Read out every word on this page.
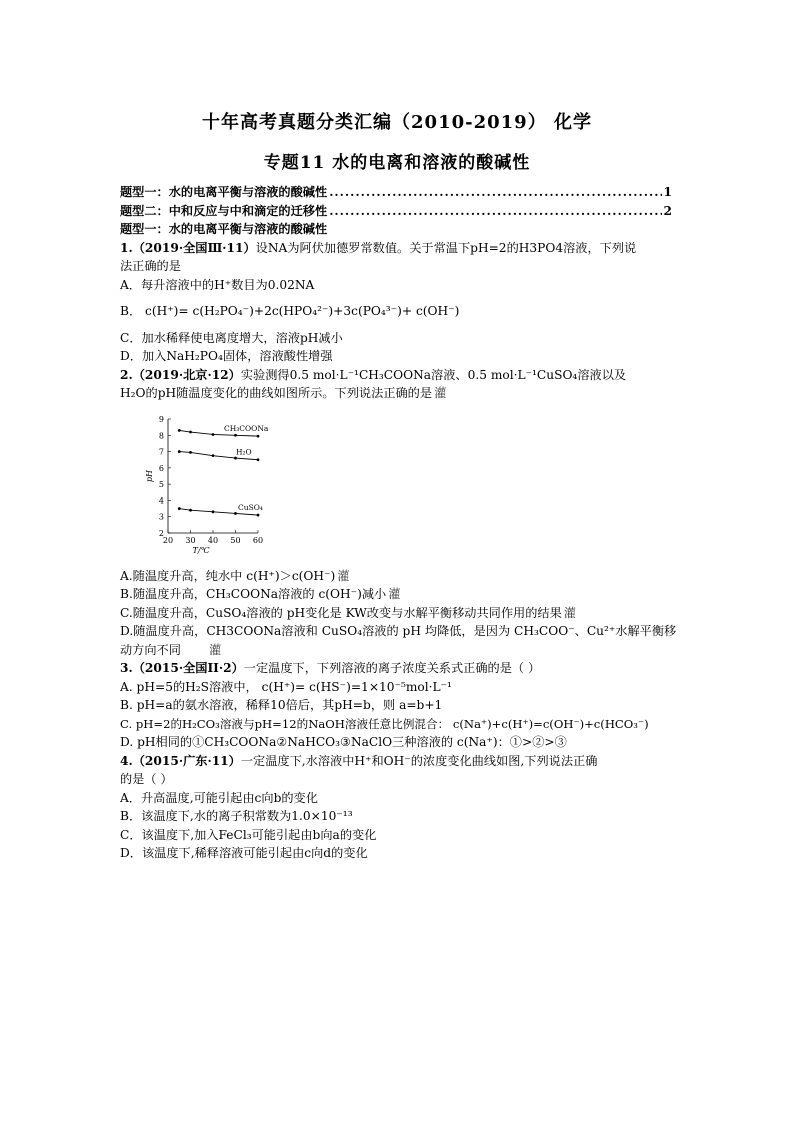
十年高考真题分类汇编（2010-2019） 化学
专题11 水的电离和溶液的酸碱性
题型一：水的电离平衡与溶液的酸碱性 .....	1
题型二：中和反应与中和滴定的迁移性 .....	2
题型一：水的电离平衡与溶液的酸碱性
1.（2019·全国Ⅲ·11）设NA为阿伏加德罗常数值。关于常温下pH=2的H3PO4溶液，下列说
法正确的是
A．每升溶液中的H⁺数目为0.02NA
B． c(H⁺)= c(H₂PO₄⁻)+2c(HPO₄²⁻)+3c(PO₄³⁻)+ c(OH⁻)
C．加水稀释使电离度增大，溶液pH减小
D．加入NaH₂PO₄固体，溶液酸性增强
2.（2019·北京·12）实验测得0.5 mol·L⁻¹CH₃COONa溶液、0.5 mol·L⁻¹CuSO₄溶液以及
H₂O的pH随温度变化的曲线如图所示。下列说法正确的是 灌
2
3
4
5
6
7
8
9
20 30 40 50 60
pH
T/℃
CH₃COONa
H₂O
CuSO₄
A.随温度升高，纯水中 c(H⁺)＞c(OH⁻) 灌
B.随温度升高，CH₃COONa溶液的 c(OH⁻)减小 灌
C.随温度升高，CuSO₄溶液的 pH变化是 KW改变与水解平衡移动共同作用的结果 灌
D.随温度升高，CH3COONa溶液和 CuSO₄溶液的 pH 均降低，是因为 CH₃COO⁻、Cu²⁺水解平衡移
动方向不同 灌
3.（2015·全国II·2）一定温度下，下列溶液的离子浓度关系式正确的是（ ）
A. pH=5的H₂S溶液中， c(H⁺)= c(HS⁻)=1×10⁻⁵mol·L⁻¹
B. pH=a的氨水溶液，稀释10倍后，其pH=b，则 a=b+1
C. pH=2的H₂CO₃溶液与pH=12的NaOH溶液任意比例混合： c(Na⁺)+c(H⁺)=c(OH⁻)+c(HCO₃⁻)
D. pH相同的①CH₃COONa②NaHCO₃③NaClO三种溶液的 c(Na⁺)：①>②>③
4.（2015·广东·11）一定温度下,水溶液中H⁺和OH⁻的浓度变化曲线如图,下列说法正确
的是（ ）
A．升高温度,可能引起由c向b的变化
B．该温度下,水的离子积常数为1.0×10⁻¹³
C．该温度下,加入FeCl₃可能引起由b向a的变化
D．该温度下,稀释溶液可能引起由c向d的变化
